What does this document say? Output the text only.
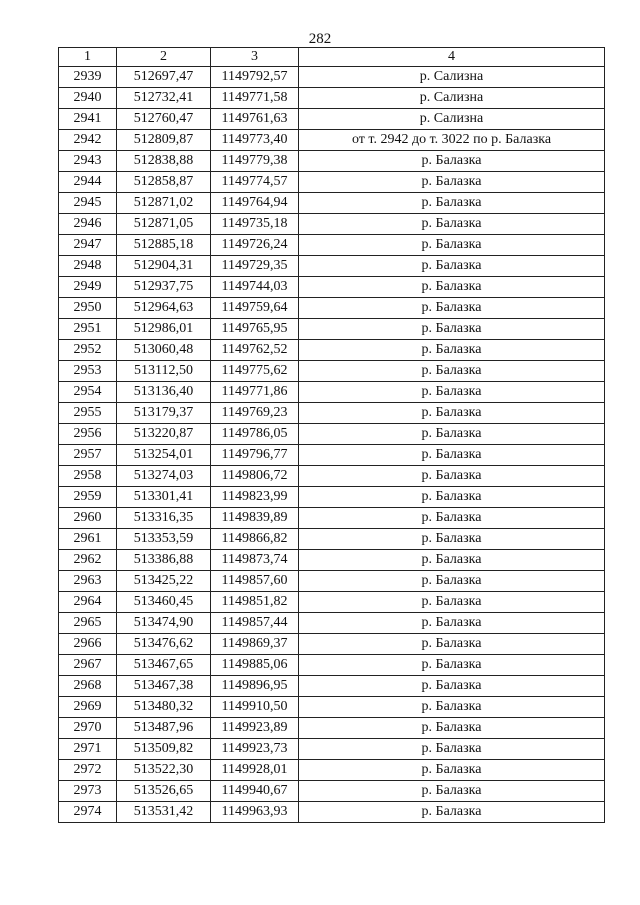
282
1	2	3	4
2939	512697,47	1149792,57	р. Сализна
2940	512732,41	1149771,58	р. Сализна
2941	512760,47	1149761,63	р. Сализна
2942	512809,87	1149773,40	от т. 2942 до т. 3022 по р. Балазка
2943	512838,88	1149779,38	р. Балазка
2944	512858,87	1149774,57	р. Балазка
2945	512871,02	1149764,94	р. Балазка
2946	512871,05	1149735,18	р. Балазка
2947	512885,18	1149726,24	р. Балазка
2948	512904,31	1149729,35	р. Балазка
2949	512937,75	1149744,03	р. Балазка
2950	512964,63	1149759,64	р. Балазка
2951	512986,01	1149765,95	р. Балазка
2952	513060,48	1149762,52	р. Балазка
2953	513112,50	1149775,62	р. Балазка
2954	513136,40	1149771,86	р. Балазка
2955	513179,37	1149769,23	р. Балазка
2956	513220,87	1149786,05	р. Балазка
2957	513254,01	1149796,77	р. Балазка
2958	513274,03	1149806,72	р. Балазка
2959	513301,41	1149823,99	р. Балазка
2960	513316,35	1149839,89	р. Балазка
2961	513353,59	1149866,82	р. Балазка
2962	513386,88	1149873,74	р. Балазка
2963	513425,22	1149857,60	р. Балазка
2964	513460,45	1149851,82	р. Балазка
2965	513474,90	1149857,44	р. Балазка
2966	513476,62	1149869,37	р. Балазка
2967	513467,65	1149885,06	р. Балазка
2968	513467,38	1149896,95	р. Балазка
2969	513480,32	1149910,50	р. Балазка
2970	513487,96	1149923,89	р. Балазка
2971	513509,82	1149923,73	р. Балазка
2972	513522,30	1149928,01	р. Балазка
2973	513526,65	1149940,67	р. Балазка
2974	513531,42	1149963,93	р. Балазка
